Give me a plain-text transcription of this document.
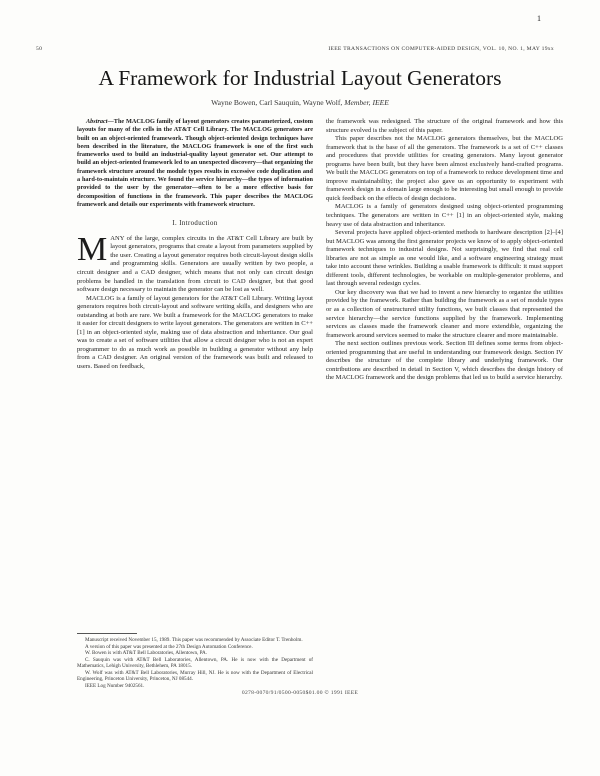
1
50	IEEE TRANSACTIONS ON COMPUTER-AIDED DESIGN, VOL. 10, NO. 1, MAY 19xx
A Framework for Industrial Layout Generators
Wayne Bowen, Carl Sauquin, Wayne Wolf, Member, IEEE

Abstract—The MACLOG family of layout generators creates parameterized, custom layouts for many of the cells in the AT&T Cell Library. The MACLOG generators are built on an object-oriented framework. Though object-oriented design techniques have been described in the literature, the MACLOG framework is one of the first such frameworks used to build an industrial-quality layout generator set. Our attempt to build an object-oriented framework led to an unexpected discovery—that organizing the framework structure around the module types results in excessive code duplication and a hard-to-maintain structure. We found the service hierarchy—the types of information provided to the user by the generator—often to be a more effective basis for decomposition of functions in the framework. This paper describes the MACLOG framework and details our experiments with framework structure.

I. Introduction

MANY of the large, complex circuits in the AT&T Cell Library are built by layout generators, programs that create a layout from parameters supplied by the user. Creating a layout generator requires both circuit-layout design skills and programming skills. Generators are usually written by two people, a circuit designer and a CAD designer, which means that not only can circuit design problems be handled in the translation from circuit to CAD designer, but that good software design necessary to maintain the generator can be lost as well.

MACLOG is a family of layout generators for the AT&T Cell Library. Writing layout generators requires both circuit-layout and software writing skills, and designers who are outstanding at both are rare. We built a framework for the MACLOG generators to make it easier for circuit designers to write layout generators. The generators are written in C++ [1] in an object-oriented style, making use of data abstraction and inheritance. Our goal was to create a set of software utilities that allow a circuit designer who is not an expert programmer to do as much work as possible in building a generator without any help from a CAD designer. An original version of the framework was built and released to users. Based on feedback,

Manuscript received November 15, 1989. This paper was recommended by Associate Editor T. Trenholm.

A version of this paper was presented at the 27th Design Automation Conference.

W. Bowen is with AT&T Bell Laboratories, Allentown, PA.

C. Sauquin was with AT&T Bell Laboratories, Allentown, PA. He is now with the Department of Mathematics, Lehigh University, Bethlehem, PA 18015.

W. Wolf was with AT&T Bell Laboratories, Murray Hill, NJ. He is now with the Department of Electrical Engineering, Princeton University, Princeton, NJ 08544.

IEEE Log Number 9402561.

the framework was redesigned. The structure of the original framework and how this structure evolved is the subject of this paper.

This paper describes not the MACLOG generators themselves, but the MACLOG framework that is the base of all the generators. The framework is a set of C++ classes and procedures that provide utilities for creating generators. Many layout generator programs have been built, but they have been almost exclusively hand-crafted programs. We built the MACLOG generators on top of a framework to reduce development time and improve maintainability; the project also gave us an opportunity to experiment with framework design in a domain large enough to be interesting but small enough to provide quick feedback on the effects of design decisions.

MACLOG is a family of generators designed using object-oriented programming techniques. The generators are written in C++ [1] in an object-oriented style, making heavy use of data abstraction and inheritance.

Several projects have applied object-oriented methods to hardware description [2]–[4] but MACLOG was among the first generator projects we know of to apply object-oriented framework techniques to industrial designs. Not surprisingly, we find that real cell libraries are not as simple as one would like, and a software engineering strategy must take into account these wrinkles. Building a usable framework is difficult: it must support different tools, different technologies, be workable on multiple-generator problems, and last through several redesign cycles.

Our key discovery was that we had to invent a new hierarchy to organize the utilities provided by the framework. Rather than building the framework as a set of module types or as a collection of unstructured utility functions, we built classes that represented the service hierarchy—the service functions supplied by the framework. Implementing services as classes made the framework cleaner and more extendible, organizing the framework around services seemed to make the structure clearer and more maintainable.

The next section outlines previous work. Section III defines some terms from object-oriented programming that are useful in understanding our framework design. Section IV describes the structure of the complete library and underlying framework. Our contributions are described in detail in Section V, which describes the design history of the MACLOG framework and the design problems that led us to build a service hierarchy.

0278-0070/91/0500-0050$01.00 © 1991 IEEE
